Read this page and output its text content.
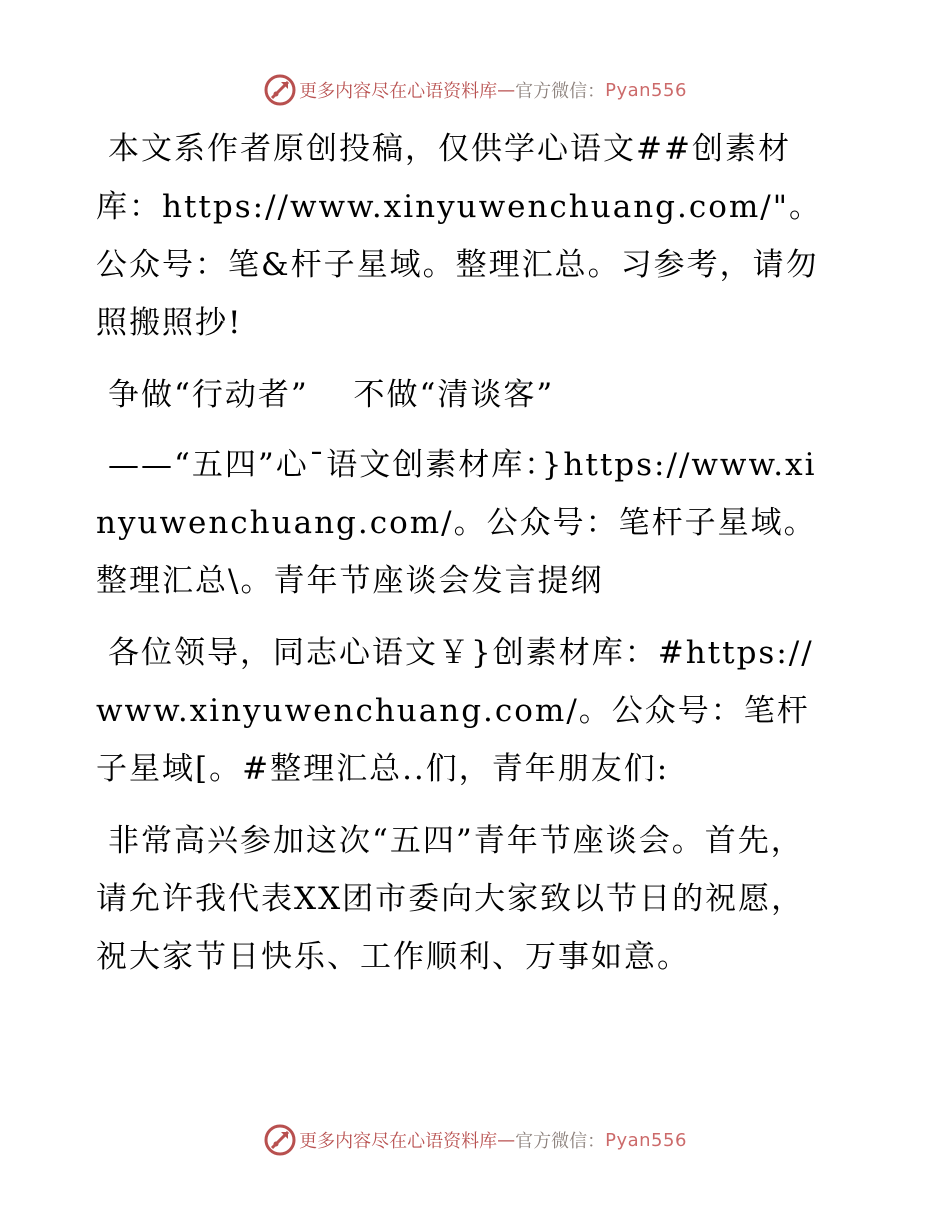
更多内容尽在心语资料库 — 官方微信： Pyan556

本文系作者原创投稿，仅供学心语文##创素材库：https://www.xinyuwenchuang.com/"。公众号：笔&杆子星域。整理汇总。习参考，请勿照搬照抄!

争做“行动者”　 不做“清谈客”

——“五四”心¯语文创素材库：}https://www.xinyuwenchuang.com/。公众号：笔杆子星域。整理汇总\。青年节座谈会发言提纲

各位领导，同志心语文￥}创素材库：#https://www.xinyuwenchuang.com/。公众号：笔杆子星域[。#整理汇总..们，青年朋友们:

非常高兴参加这次“五四”青年节座谈会。首先，请允许我代表XX团市委向大家致以节日的祝愿，祝大家节日快乐、工作顺利、万事如意。

更多内容尽在心语资料库 — 官方微信： Pyan556
